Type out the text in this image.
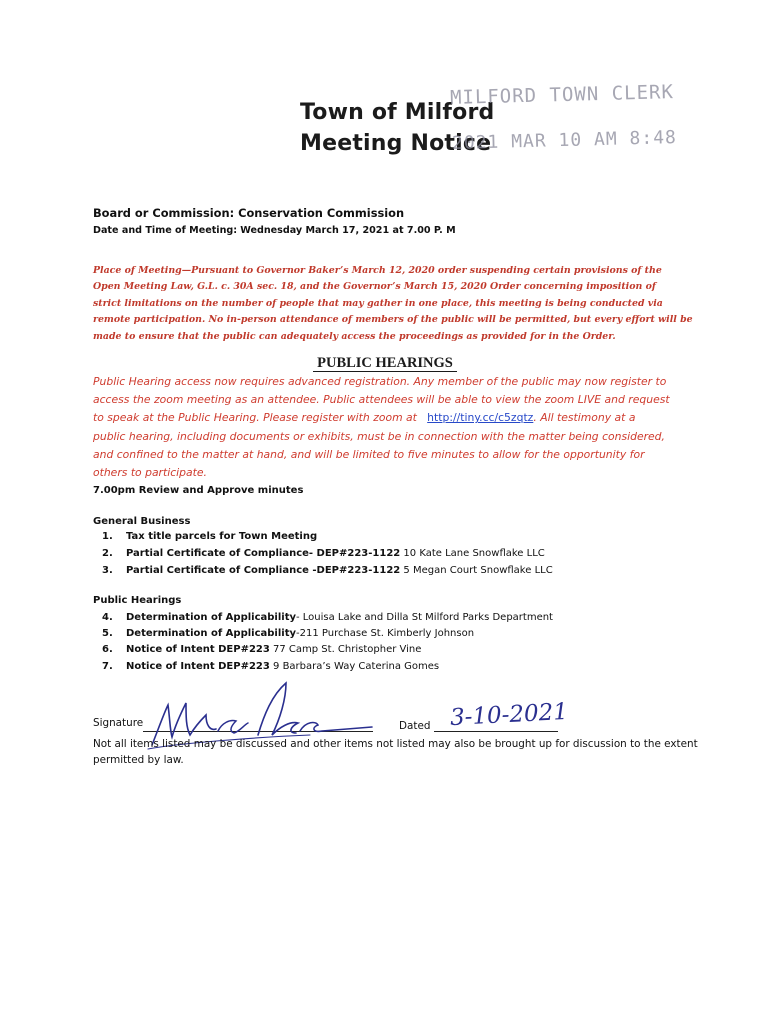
Town of Milford
Meeting Notice
MILFORD TOWN CLERK
2021 MAR 10 AM 8:48
Board or Commission: Conservation Commission
Date and Time of Meeting: Wednesday March 17, 2021 at 7.00 P. M
Place of Meeting—Pursuant to Governor Baker’s March 12, 2020 order suspending certain provisions of the
Open Meeting Law, G.L. c. 30A sec. 18, and the Governor’s March 15, 2020 Order concerning imposition of
strict limitations on the number of people that may gather in one place, this meeting is being conducted via
remote participation. No in-person attendance of members of the public will be permitted, but every effort will be
made to ensure that the public can adequately access the proceedings as provided for in the Order.
PUBLIC HEARINGS
Public Hearing access now requires advanced registration. Any member of the public may now register to
access the zoom meeting as an attendee. Public attendees will be able to view the zoom LIVE and request
to speak at the Public Hearing. Please register with zoom at http://tiny.cc/c5zqtz. All testimony at a
public hearing, including documents or exhibits, must be in connection with the matter being considered,
and confined to the matter at hand, and will be limited to five minutes to allow for the opportunity for
others to participate.
7.00pm Review and Approve minutes
General Business
1. Tax title parcels for Town Meeting
2. Partial Certificate of Compliance- DEP#223-1122 10 Kate Lane Snowflake LLC
3. Partial Certificate of Compliance -DEP#223-1122 5 Megan Court Snowflake LLC
Public Hearings
4. Determination of Applicability- Louisa Lake and Dilla St Milford Parks Department
5. Determination of Applicability-211 Purchase St. Kimberly Johnson
6. Notice of Intent DEP#223 77 Camp St. Christopher Vine
7. Notice of Intent DEP#223 9 Barbara’s Way Caterina Gomes
Signature	Dated 3-10-2021
Not all items listed may be discussed and other items not listed may also be brought up for discussion to the extent
permitted by law.
